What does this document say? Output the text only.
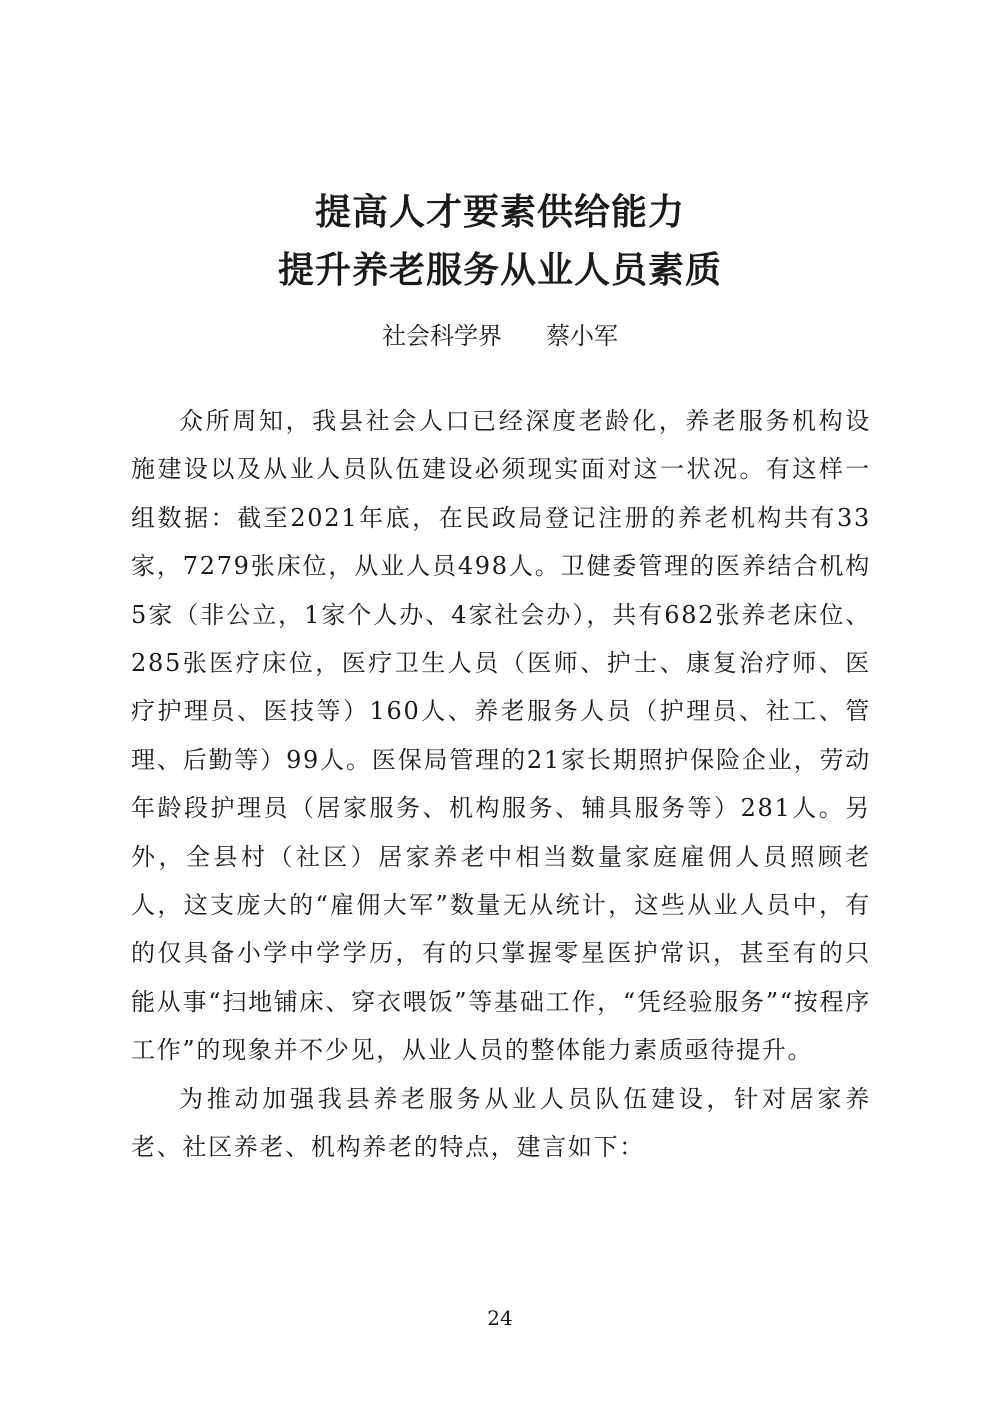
提高人才要素供给能力
提升养老服务从业人员素质
社会科学界 蔡小军

众所周知，我县社会人口已经深度老龄化，养老服务机构设施建设以及从业人员队伍建设必须现实面对这一状况。有这样一组数据：截至2021年底，在民政局登记注册的养老机构共有33家，7279张床位，从业人员498人。卫健委管理的医养结合机构5家（非公立，1家个人办、4家社会办），共有682张养老床位、285张医疗床位，医疗卫生人员（医师、护士、康复治疗师、医疗护理员、医技等）160人、养老服务人员（护理员、社工、管理、后勤等）99人。医保局管理的21家长期照护保险企业，劳动年龄段护理员（居家服务、机构服务、辅具服务等）281人。另外，全县村（社区）居家养老中相当数量家庭雇佣人员照顾老人，这支庞大的“雇佣大军”数量无从统计，这些从业人员中，有的仅具备小学中学学历，有的只掌握零星医护常识，甚至有的只能从事“扫地铺床、穿衣喂饭”等基础工作，“凭经验服务”“按程序工作”的现象并不少见，从业人员的整体能力素质亟待提升。

为推动加强我县养老服务从业人员队伍建设，针对居家养老、社区养老、机构养老的特点，建言如下：

24
